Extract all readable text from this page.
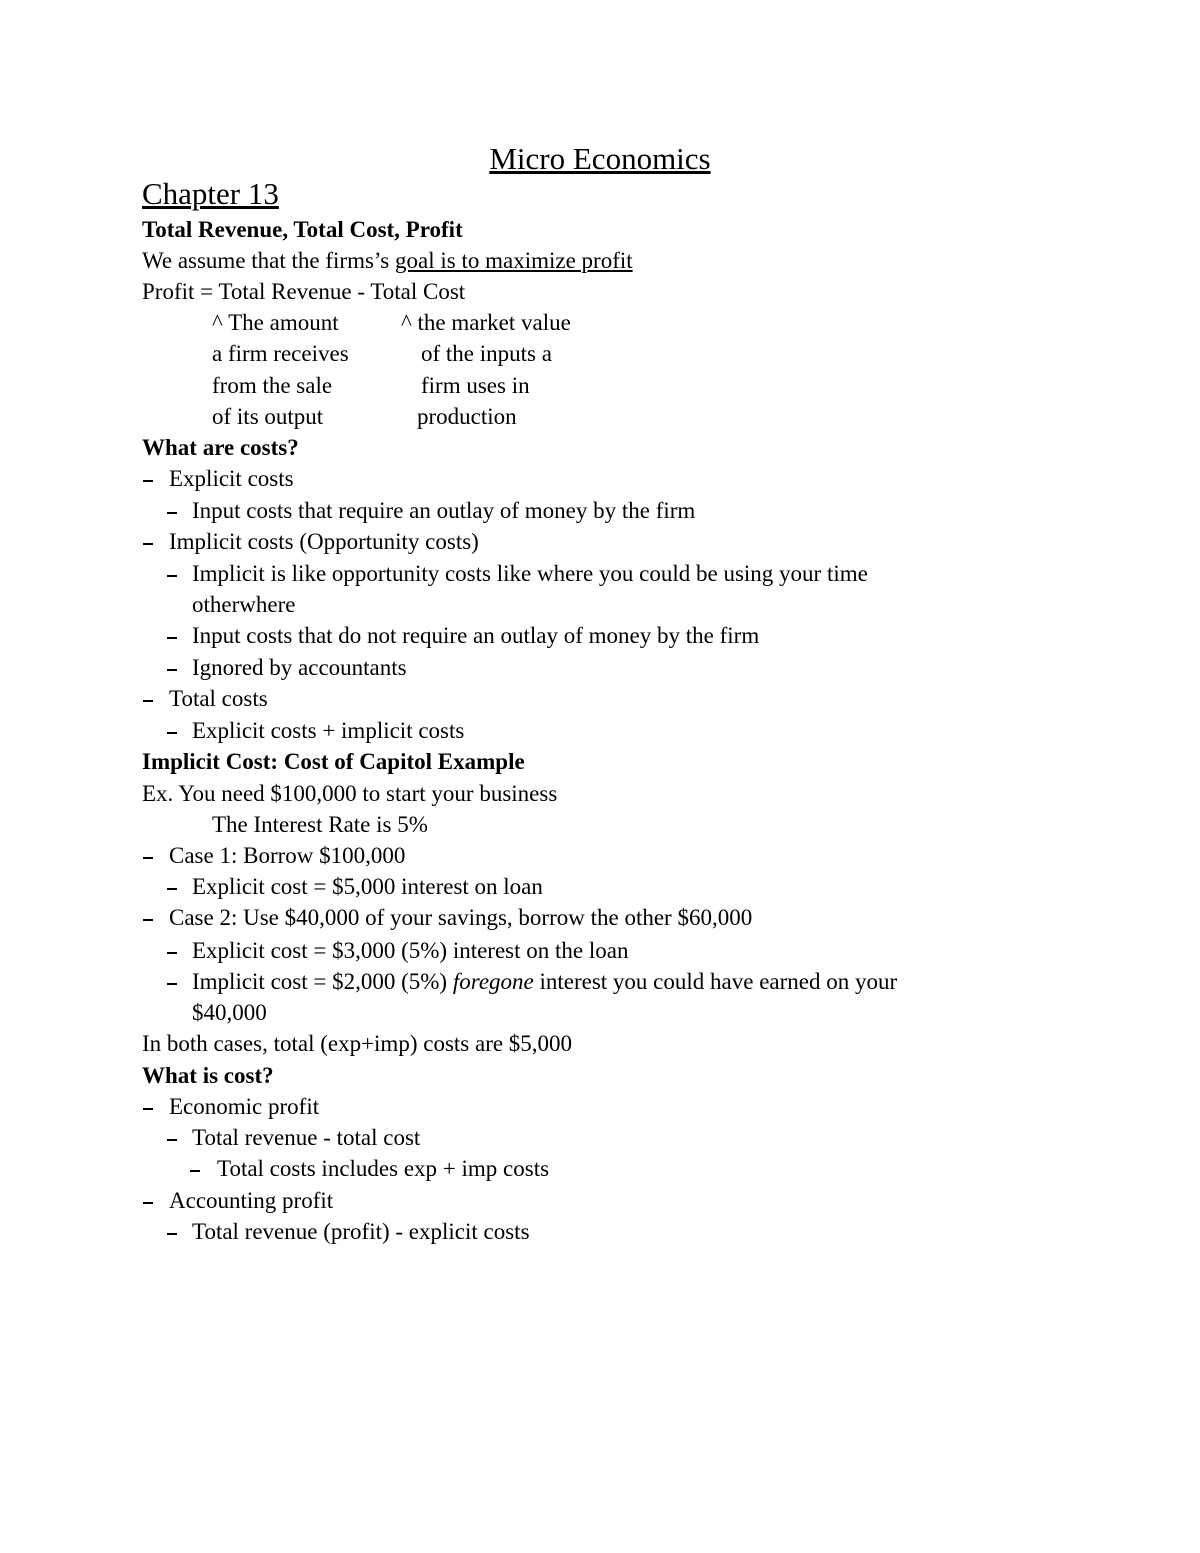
Micro Economics
Chapter 13
Total Revenue, Total Cost, Profit
We assume that the firms’s goal is to maximize profit
Profit = Total Revenue - Total Cost
^ The amount
a firm receives
from the sale
of its output
^ the market value
of the inputs a
firm uses in
production
What are costs?
Explicit costs
Input costs that require an outlay of money by the firm
Implicit costs (Opportunity costs)
Implicit is like opportunity costs like where you could be using your time
otherwhere
Input costs that do not require an outlay of money by the firm
Ignored by accountants
Total costs
Explicit costs + implicit costs
Implicit Cost: Cost of Capitol Example
Ex. You need $100,000 to start your business
The Interest Rate is 5%
Case 1: Borrow $100,000
Explicit cost = $5,000 interest on loan
Case 2: Use $40,000 of your savings, borrow the other $60,000
Explicit cost = $3,000 (5%) interest on the loan
Implicit cost = $2,000 (5%) foregone interest you could have earned on your
$40,000
In both cases, total (exp+imp) costs are $5,000
What is cost?
Economic profit
Total revenue - total cost
Total costs includes exp + imp costs
Accounting profit
Total revenue (profit) - explicit costs
